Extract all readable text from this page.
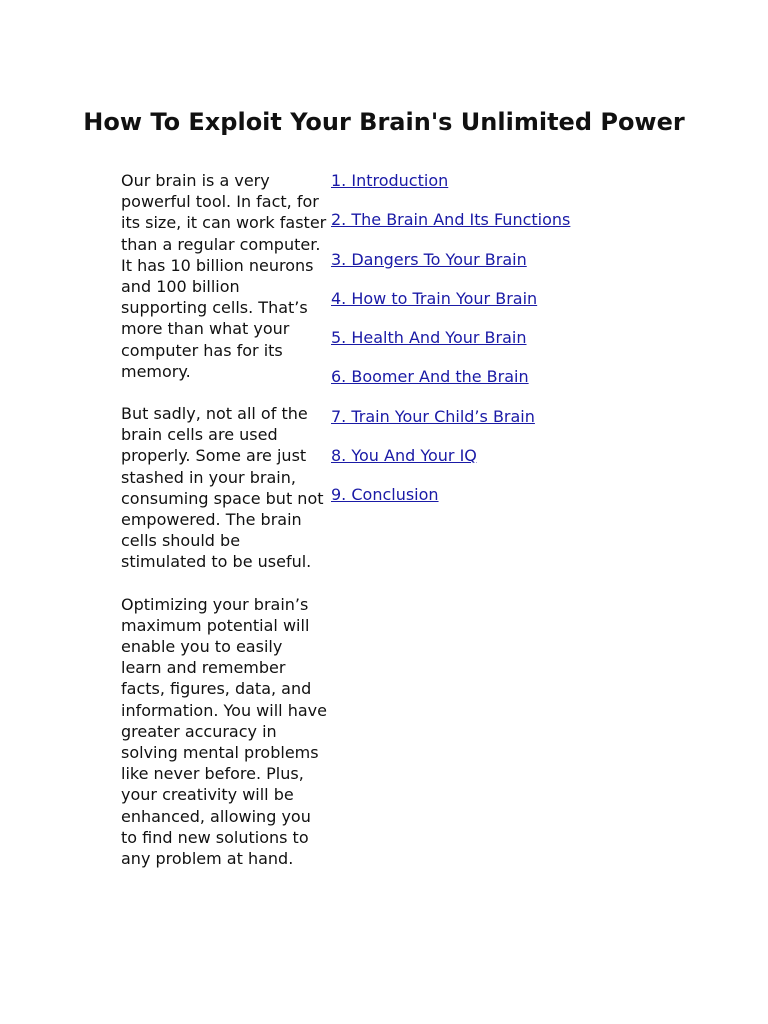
How To Exploit Your Brain's Unlimited Power

Our brain is a very powerful tool. In fact, for its size, it can work faster than a regular computer. It has 10 billion neurons and 100 billion supporting cells. That’s more than what your computer has for its memory.

But sadly, not all of the brain cells are used properly. Some are just stashed in your brain, consuming space but not empowered. The brain cells should be stimulated to be useful.

Optimizing your brain’s maximum potential will enable you to easily learn and remember facts, figures, data, and information. You will have greater accuracy in solving mental problems like never before. Plus, your creativity will be enhanced, allowing you to find new solutions to any problem at hand.

1. Introduction
2. The Brain And Its Functions
3. Dangers To Your Brain
4. How to Train Your Brain
5. Health And Your Brain
6. Boomer And the Brain
7. Train Your Child’s Brain
8. You And Your IQ
9. Conclusion
